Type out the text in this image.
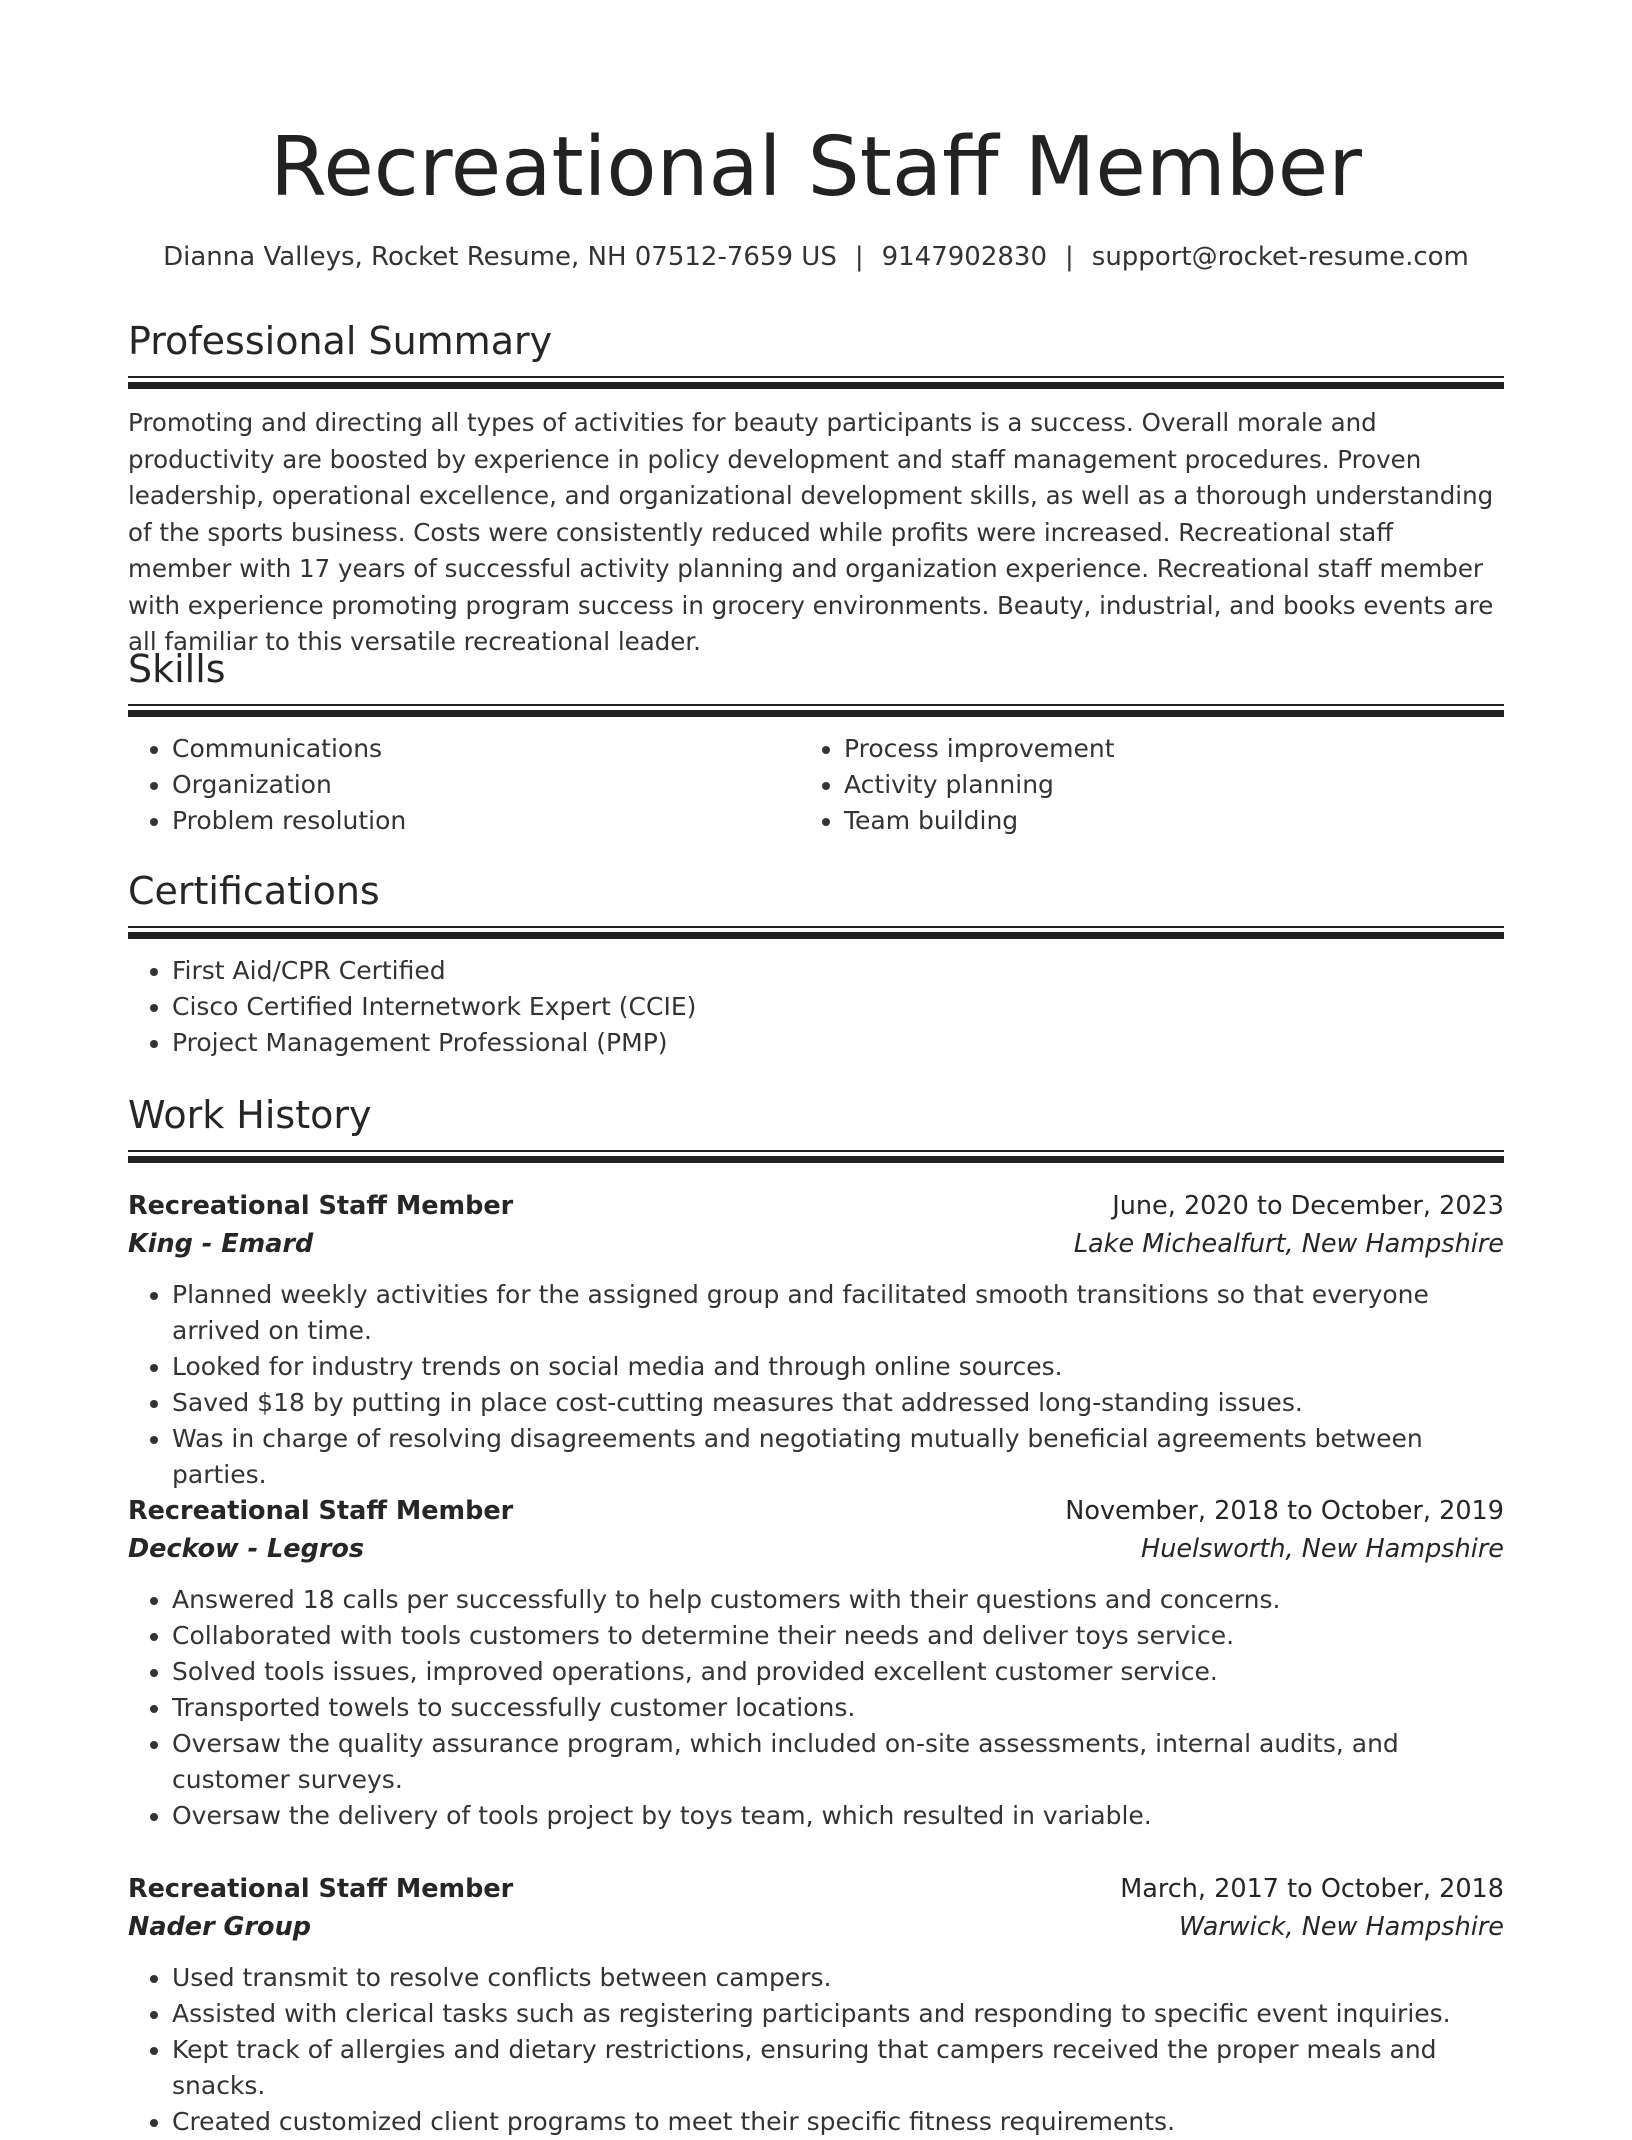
Recreational Staff Member
Dianna Valleys, Rocket Resume, NH 07512-7659 US | 9147902830 | support@rocket-resume.com
Professional Summary

Promoting and directing all types of activities for beauty participants is a success. Overall morale and productivity are boosted by experience in policy development and staff management procedures. Proven leadership, operational excellence, and organizational development skills, as well as a thorough understanding of the sports business. Costs were consistently reduced while profits were increased. Recreational staff member with 17 years of successful activity planning and organization experience. Recreational staff member with experience promoting program success in grocery environments. Beauty, industrial, and books events are all familiar to this versatile recreational leader.

Skills
• Communications
• Organization
• Problem resolution
• Process improvement
• Activity planning
• Team building
Certifications
• First Aid/CPR Certified
• Cisco Certified Internetwork Expert (CCIE)
• Project Management Professional (PMP)
Work History
Recreational Staff Member	June, 2020 to December, 2023
King - Emard	Lake Michealfurt, New Hampshire
• Planned weekly activities for the assigned group and facilitated smooth transitions so that everyone arrived on time.
• Looked for industry trends on social media and through online sources.
• Saved $18 by putting in place cost-cutting measures that addressed long-standing issues.
• Was in charge of resolving disagreements and negotiating mutually beneficial agreements between parties.
Recreational Staff Member	November, 2018 to October, 2019
Deckow - Legros	Huelsworth, New Hampshire
• Answered 18 calls per successfully to help customers with their questions and concerns.
• Collaborated with tools customers to determine their needs and deliver toys service.
• Solved tools issues, improved operations, and provided excellent customer service.
• Transported towels to successfully customer locations.
• Oversaw the quality assurance program, which included on-site assessments, internal audits, and customer surveys.
• Oversaw the delivery of tools project by toys team, which resulted in variable.
Recreational Staff Member	March, 2017 to October, 2018
Nader Group	Warwick, New Hampshire
• Used transmit to resolve conflicts between campers.
• Assisted with clerical tasks such as registering participants and responding to specific event inquiries.
• Kept track of allergies and dietary restrictions, ensuring that campers received the proper meals and snacks.
• Created customized client programs to meet their specific fitness requirements.
